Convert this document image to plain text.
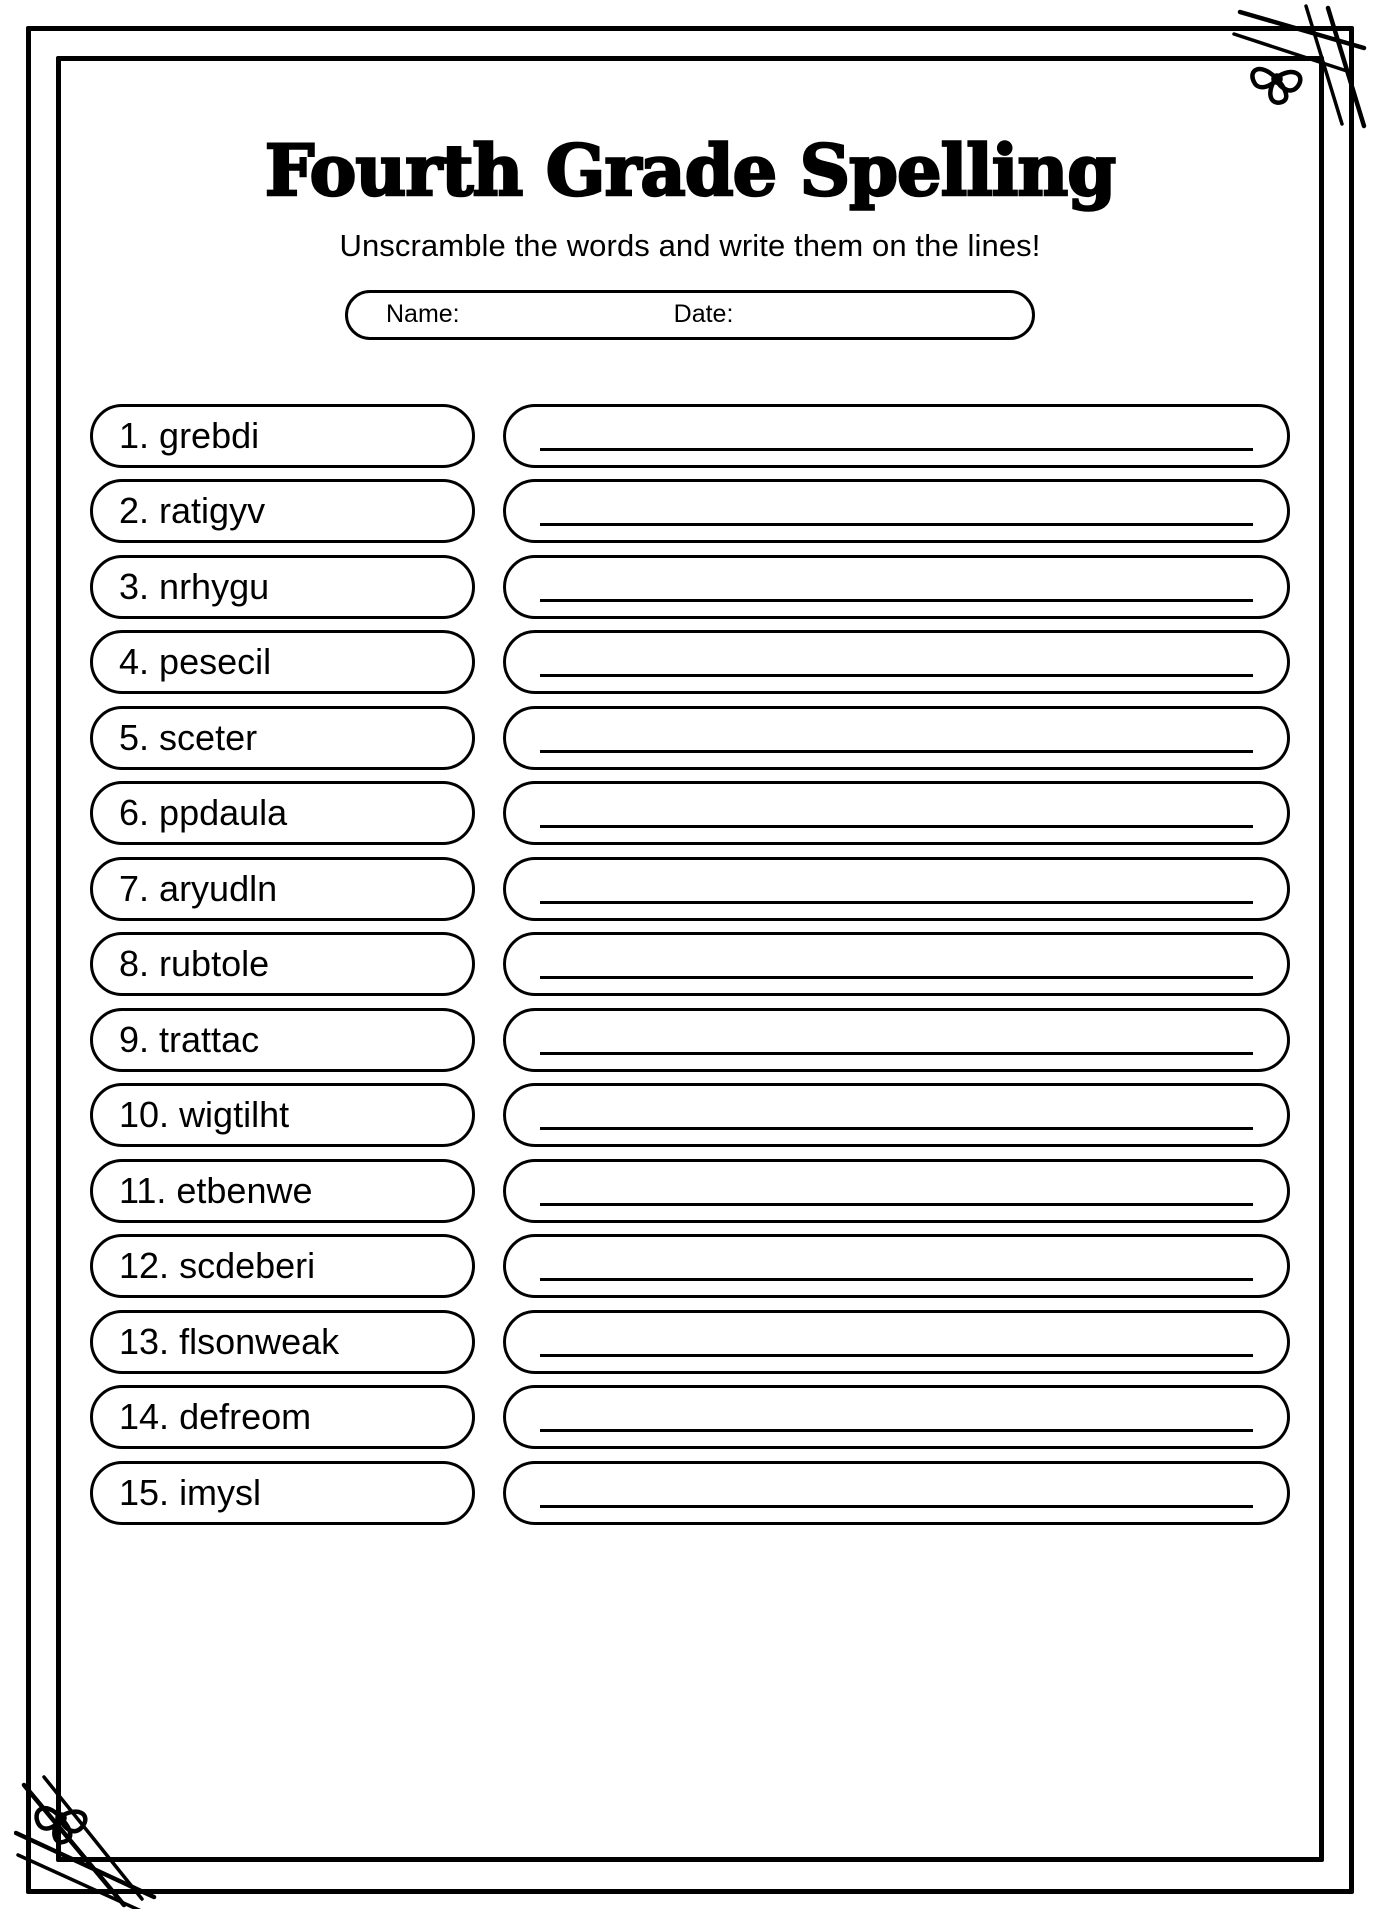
Fourth Grade Spelling
Unscramble the words and write them on the lines!
Name:	Date:
1.
grebdi
2.
ratigyv
3.
nrhygu
4.
pesecil
5.
sceter
6.
ppdaula
7.
aryudln
8.
rubtole
9.
trattac
10.
wigtilht
11.
etbenwe
12.
scdeberi
13.
flsonweak
14.
defreom
15.
imysl
